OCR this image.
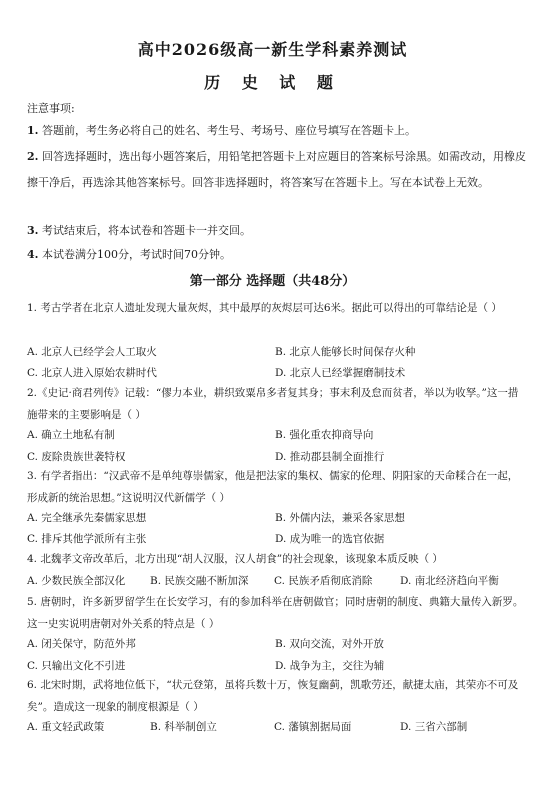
高中2026级高一新生学科素养测试
历 史 试 题
注意事项:
1. 答题前，考生务必将自己的姓名、考生号、考场号、座位号填写在答题卡上。
2. 回答选择题时，选出每小题答案后，用铅笔把答题卡上对应题目的答案标号涂黑。如需改动，用橡皮擦干净后，再选涂其他答案标号。回答非选择题时，将答案写在答题卡上。写在本试卷上无效。
3. 考试结束后，将本试卷和答题卡一并交回。
4. 本试卷满分100分，考试时间70分钟。
第一部分 选择题（共48分）
1. 考古学者在北京人遗址发现大量灰烬，其中最厚的灰烬层可达6米。据此可以得出的可靠结论是（ ）
A. 北京人已经学会人工取火	B. 北京人能够长时间保存火种
C. 北京人进入原始农耕时代	D. 北京人已经掌握磨制技术
2.《史记·商君列传》记载：“僇力本业，耕织致粟帛多者复其身；事末利及怠而贫者，举以为收孥。”这一措施带来的主要影响是（ ）
A. 确立土地私有制	B. 强化重农抑商导向
C. 废除贵族世袭特权	D. 推动郡县制全面推行
3. 有学者指出：“汉武帝不是单纯尊崇儒家，他是把法家的集权、儒家的伦理、阴阳家的天命糅合在一起，形成新的统治思想。”这说明汉代新儒学（ ）
A. 完全继承先秦儒家思想	B. 外儒内法，兼采各家思想
C. 排斥其他学派所有主张	D. 成为唯一的选官依据
4. 北魏孝文帝改革后，北方出现“胡人汉服，汉人胡食”的社会现象，该现象本质反映（ ）
A. 少数民族全部汉化 B. 民族交融不断加深 C. 民族矛盾彻底消除	D. 南北经济趋向平衡
5. 唐朝时，许多新罗留学生在长安学习，有的参加科举在唐朝做官；同时唐朝的制度、典籍大量传入新罗。这一史实说明唐朝对外关系的特点是（ ）
A. 闭关保守，防范外邦	B. 双向交流，对外开放
C. 只输出文化不引进	D. 战争为主，交往为辅
6. 北宋时期，武将地位低下，“状元登第，虽将兵数十万，恢复幽蓟，凯歌劳还，献捷太庙，其荣亦不可及矣”。造成这一现象的制度根源是（ ）
A. 重文轻武政策	B. 科举制创立	C. 藩镇割据局面	D. 三省六部制
